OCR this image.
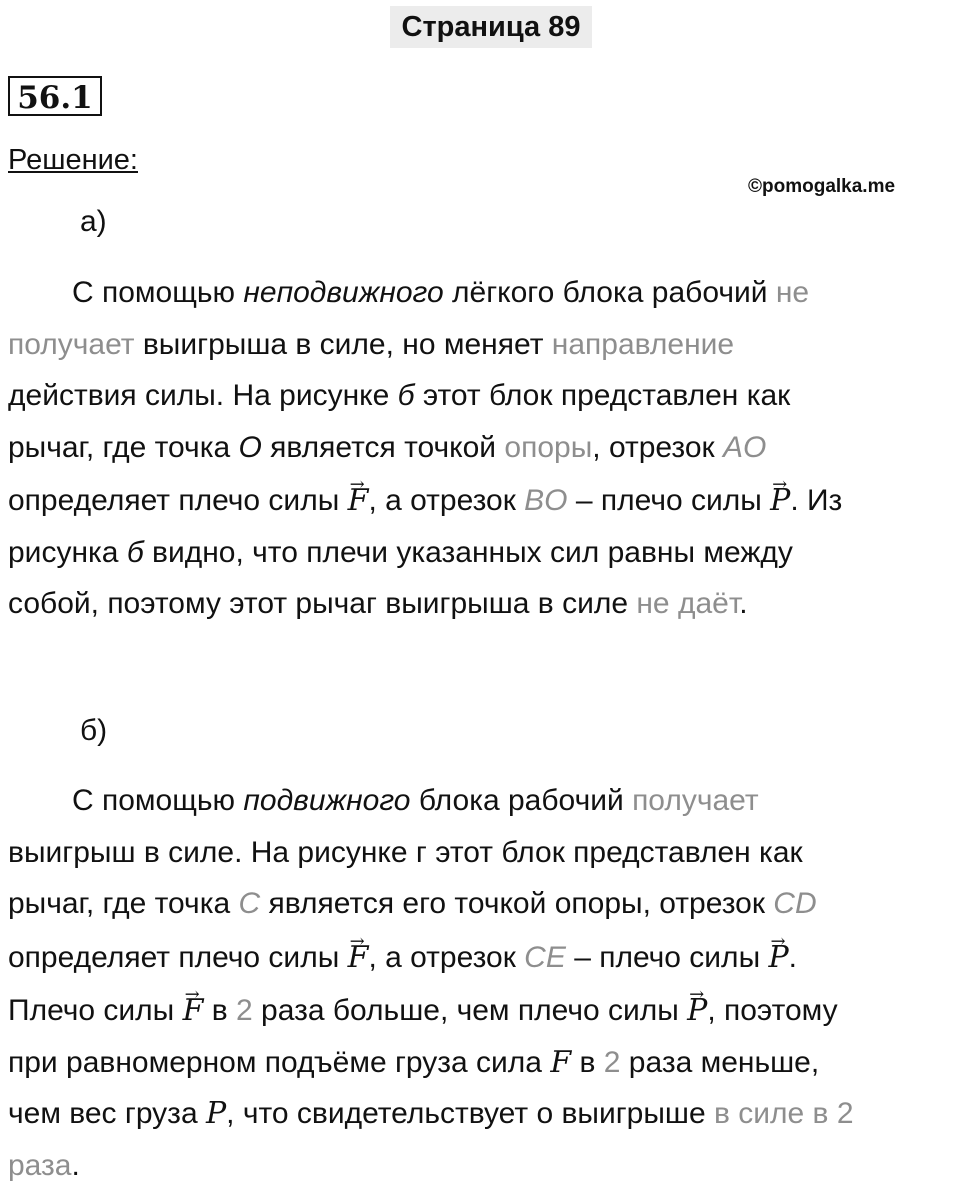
Страница 89
56.1
Решение:
©pomogalka.me
а)
С помощью неподвижного лёгкого блока рабочий не
получает выигрыша в силе, но меняет направление
действия силы. На рисунке б этот блок представлен как
рычаг, где точка O является точкой опоры, отрезок AO
определяет плечо силы → F, а отрезок BO – плечо силы → P. Из
рисунка б видно, что плечи указанных сил равны между
собой, поэтому этот рычаг выигрыша в силе не даёт.
б)
С помощью подвижного блока рабочий получает
выигрыш в силе. На рисунке г этот блок представлен как
рычаг, где точка C является его точкой опоры, отрезок CD
определяет плечо силы → F, а отрезок CE – плечо силы → P.
Плечо силы → F в 2 раза больше, чем плечо силы → P, поэтому
при равномерном подъёме груза сила F в 2 раза меньше,
чем вес груза P, что свидетельствует о выигрыше в силе в 2
раза.
